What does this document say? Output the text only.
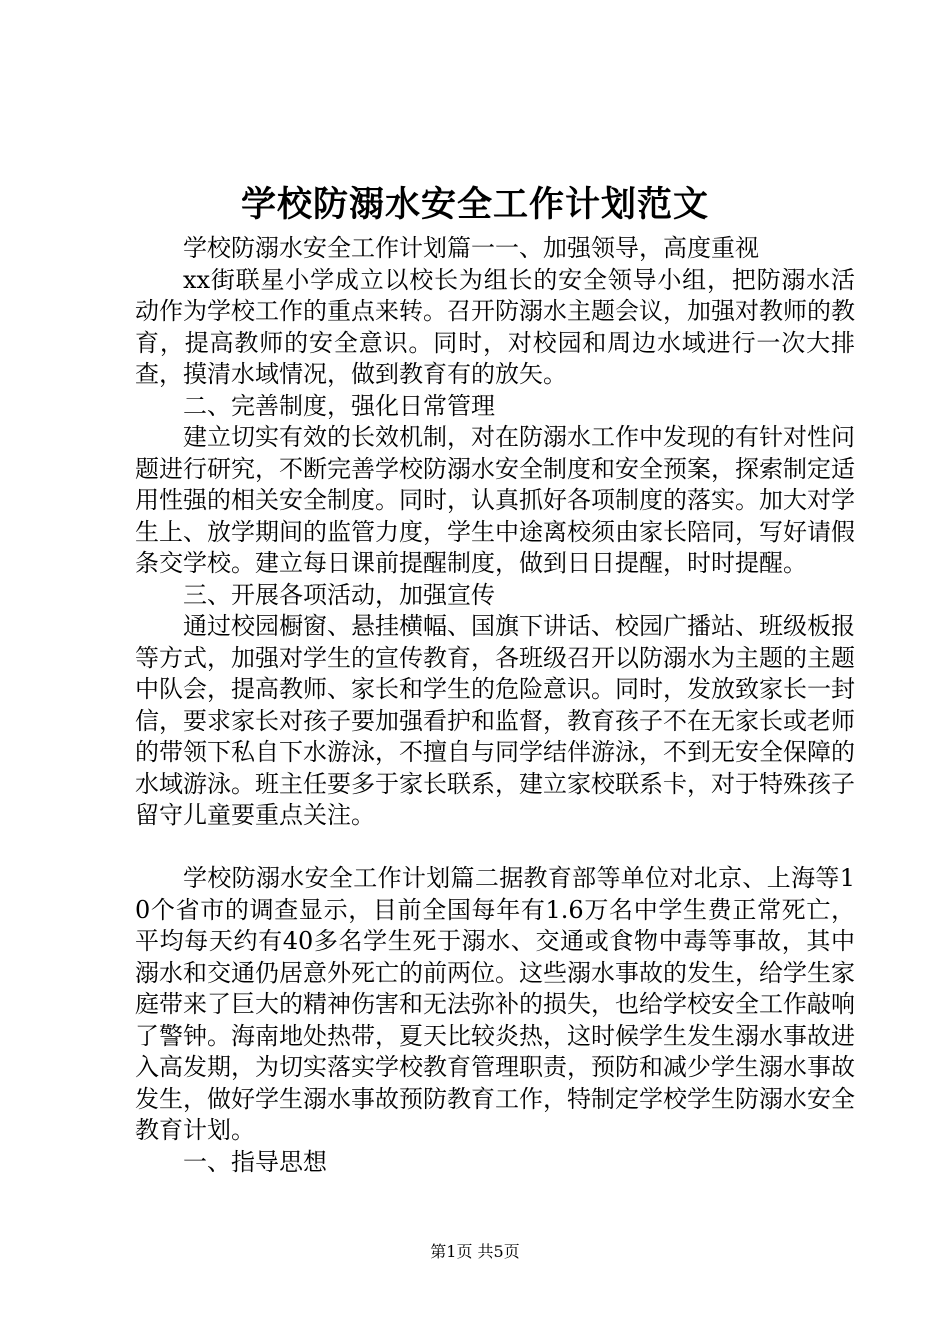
学校防溺水安全工作计划范文

学校防溺水安全工作计划篇一一、加强领导，高度重视

xx街联星小学成立以校长为组长的安全领导小组，把防溺水活动作为学校工作的重点来转。召开防溺水主题会议，加强对教师的教育，提高教师的安全意识。同时，对校园和周边水域进行一次大排查，摸清水域情况，做到教育有的放矢。

二、完善制度，强化日常管理

建立切实有效的长效机制，对在防溺水工作中发现的有针对性问题进行研究，不断完善学校防溺水安全制度和安全预案，探索制定适用性强的相关安全制度。同时，认真抓好各项制度的落实。加大对学生上、放学期间的监管力度，学生中途离校须由家长陪同，写好请假条交学校。建立每日课前提醒制度，做到日日提醒，时时提醒。

三、开展各项活动，加强宣传

通过校园橱窗、悬挂横幅、国旗下讲话、校园广播站、班级板报等方式，加强对学生的宣传教育，各班级召开以防溺水为主题的主题中队会，提高教师、家长和学生的危险意识。同时，发放致家长一封信，要求家长对孩子要加强看护和监督，教育孩子不在无家长或老师的带领下私自下水游泳，不擅自与同学结伴游泳，不到无安全保障的水域游泳。班主任要多于家长联系，建立家校联系卡，对于特殊孩子留守儿童要重点关注。

学校防溺水安全工作计划篇二据教育部等单位对北京、上海等10个省市的调查显示，目前全国每年有1.6万名中学生费正常死亡，平均每天约有40多名学生死于溺水、交通或食物中毒等事故，其中溺水和交通仍居意外死亡的前两位。这些溺水事故的发生，给学生家庭带来了巨大的精神伤害和无法弥补的损失，也给学校安全工作敲响了警钟。海南地处热带，夏天比较炎热，这时候学生发生溺水事故进入高发期，为切实落实学校教育管理职责，预防和减少学生溺水事故发生，做好学生溺水事故预防教育工作，特制定学校学生防溺水安全教育计划。

一、指导思想

第1页 共5页
